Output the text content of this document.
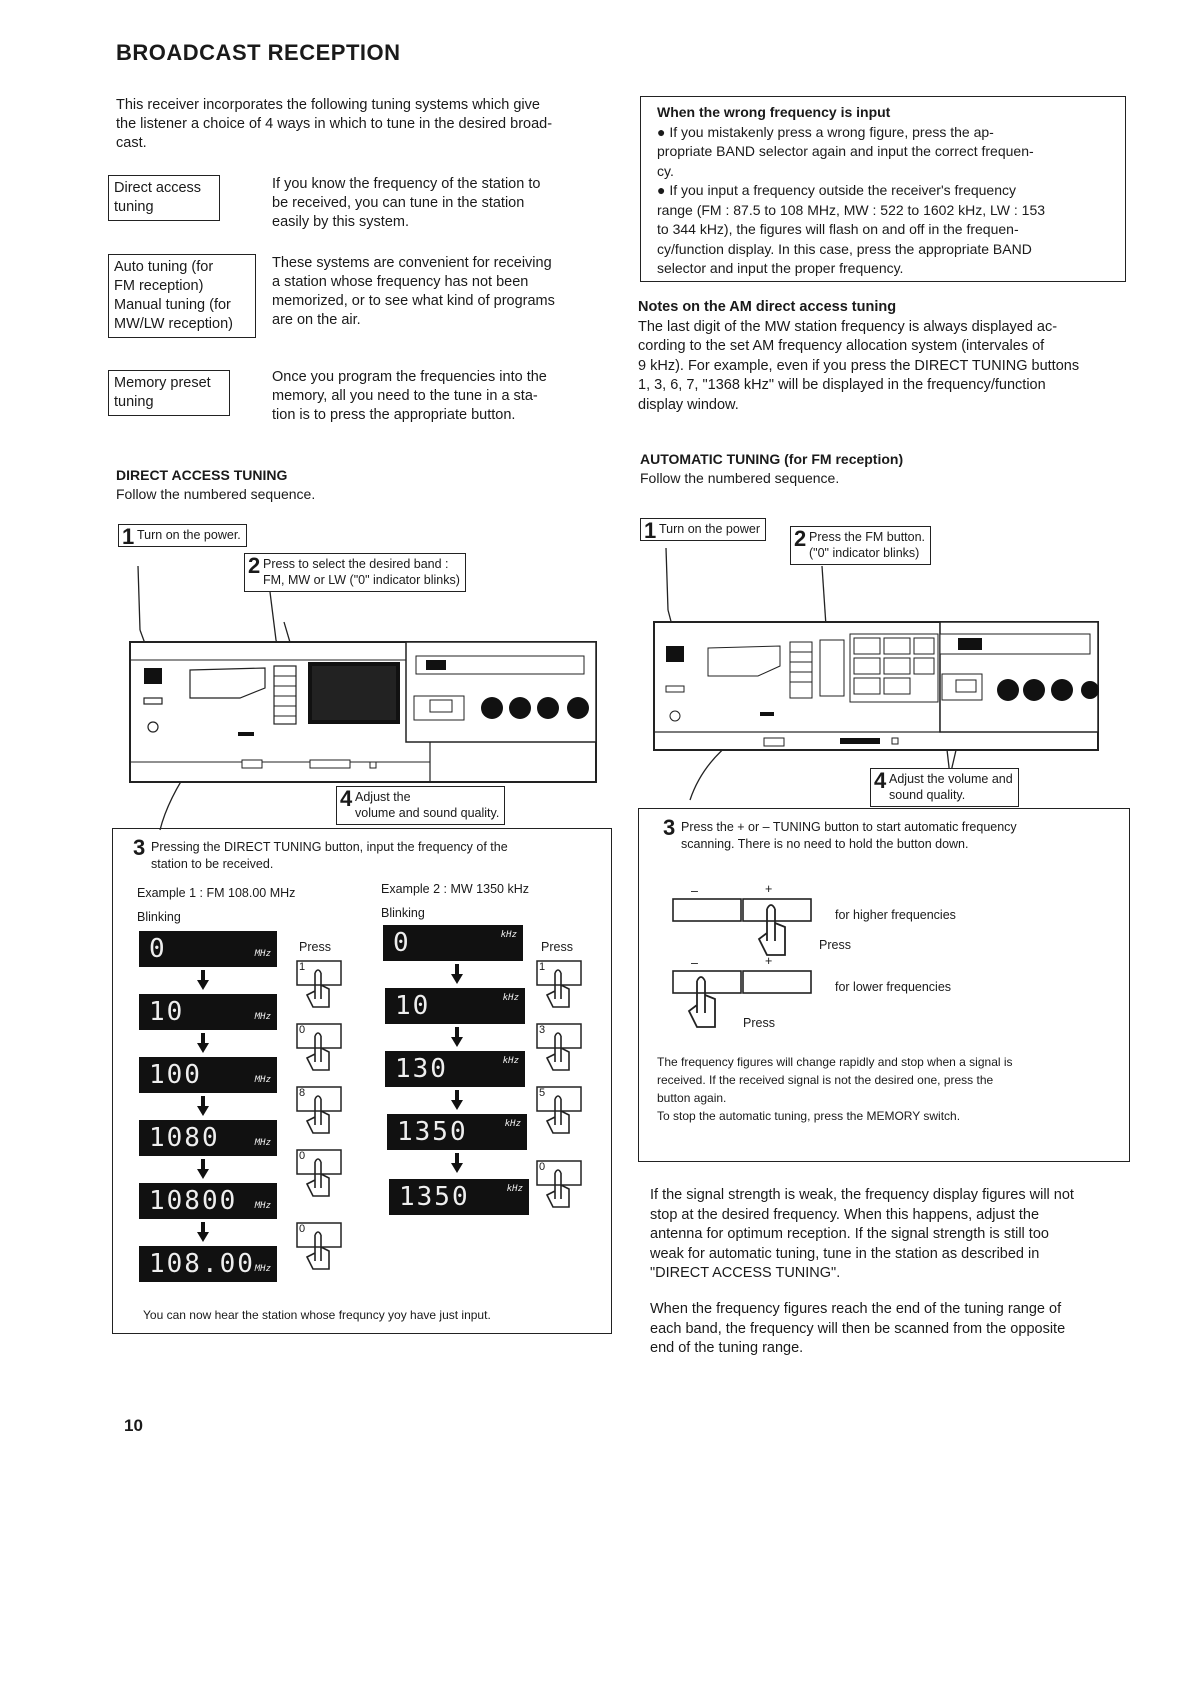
BROADCAST RECEPTION
This receiver incorporates the following tuning systems which give
the listener a choice of 4 ways in which to tune in the desired broad-
cast.
Direct access
tuning
If you know the frequency of the station to
be received, you can tune in the station
easily by this system.
Auto tuning (for
FM reception)
Manual tuning (for
MW/LW reception)
These systems are convenient for receiving
a station whose frequency has not been
memorized, or to see what kind of programs
are on the air.
Memory preset
tuning
Once you program the frequencies into the
memory, all you need to the tune in a sta-
tion is to press the appropriate button.
When the wrong frequency is input
● If you mistakenly press a wrong figure, press the ap-
propriate BAND selector again and input the correct frequen-
cy.
● If you input a frequency outside the receiver's frequency
range (FM : 87.5 to 108 MHz, MW : 522 to 1602 kHz, LW : 153
to 344 kHz), the figures will flash on and off in the frequen-
cy/function display. In this case, press the appropriate BAND
selector and input the proper frequency.
Notes on the AM direct access tuning
The last digit of the MW station frequency is always displayed ac-
cording to the set AM frequency allocation system (intervales of
9 kHz). For example, even if you press the DIRECT TUNING buttons
1, 3, 6, 7, "1368 kHz" will be displayed in the frequency/function
display window.
DIRECT ACCESS TUNING
Follow the numbered sequence.
AUTOMATIC TUNING (for FM reception)
Follow the numbered sequence.
1 Turn on the power.
2 Press to select the desired band :
FM, MW or LW ("0" indicator blinks)
4 Adjust the
volume and sound quality.
3 Pressing the DIRECT TUNING button, input the frequency of the
station to be received.
Example 1 : FM 108.00 MHz	Example 2 : MW 1350 kHz
Blinking	Blinking
Press	Press
0	MHz
10	MHz
100	MHz
1080	MHz
10800 MHz
108.00 MHz
1
0
8
0
0
0	kHz
10	kHz
130	kHz
1350	kHz
1350	kHz
1
3
5
0
You can now hear the station whose frequncy yoy have just input.
1 Turn on the power 2 Press the FM button.
("0" indicator blinks)
4 Adjust the volume and
sound quality.
3 Press the + or – TUNING button to start automatic frequency
scanning. There is no need to hold the button down.
–	+
for higher frequencies
Press
–	+
for lower frequencies
Press
The frequency figures will change rapidly and stop when a signal is
received. If the received signal is not the desired one, press the
button again.
To stop the automatic tuning, press the MEMORY switch.
If the signal strength is weak, the frequency display figures will not
stop at the desired frequency. When this happens, adjust the
antenna for optimum reception. If the signal strength is still too
weak for automatic tuning, tune in the station as described in
"DIRECT ACCESS TUNING".
When the frequency figures reach the end of the tuning range of
each band, the frequency will then be scanned from the opposite
end of the tuning range.
10
